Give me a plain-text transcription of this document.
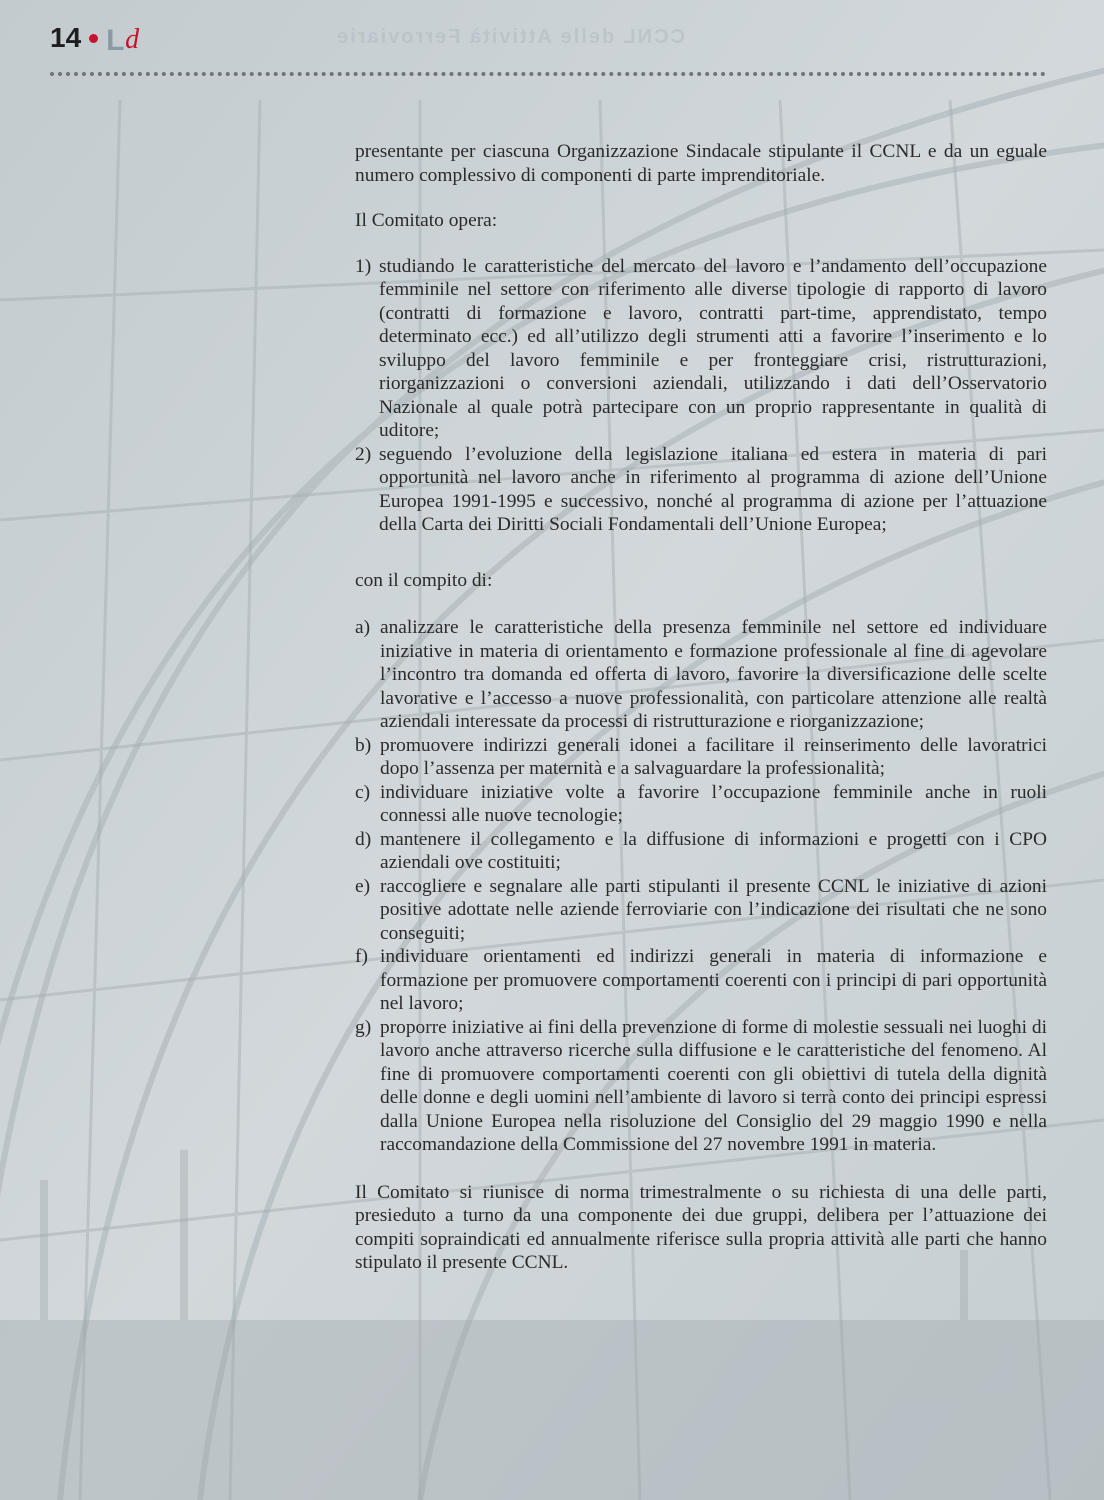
14 L d	CCNL delle Attività Ferroviarie

presentante per ciascuna Organizzazione Sindacale stipulante il CCNL e da un eguale numero complessivo di componenti di parte imprenditoriale.

Il Comitato opera:

1) studiando le caratteristiche del mercato del lavoro e l’andamento dell’occupazione femminile nel settore con riferimento alle diverse tipologie di rapporto di lavoro (contratti di formazione e lavoro, contratti part-time, apprendistato, tempo determinato ecc.) ed all’utilizzo degli strumenti atti a favorire l’inserimento e lo sviluppo del lavoro femminile e per fronteggiare crisi, ristrutturazioni, riorganizzazioni o conversioni aziendali, utilizzando i dati dell’Osservatorio Nazionale al quale potrà partecipare con un proprio rappresentante in qualità di uditore;
2) seguendo l’evoluzione della legislazione italiana ed estera in materia di pari opportunità nel lavoro anche in riferimento al programma di azione dell’Unione Europea 1991-1995 e successivo, nonché al programma di azione per l’attuazione della Carta dei Diritti Sociali Fondamentali dell’Unione Europea;

con il compito di:

a) analizzare le caratteristiche della presenza femminile nel settore ed individuare iniziative in materia di orientamento e formazione professionale al fine di agevolare l’incontro tra domanda ed offerta di lavoro, favorire la diversificazione delle scelte lavorative e l’accesso a nuove professionalità, con particolare attenzione alle realtà aziendali interessate da processi di ristrutturazione e riorganizzazione;
b) promuovere indirizzi generali idonei a facilitare il reinserimento delle lavoratrici dopo l’assenza per maternità e a salvaguardare la professionalità;
c) individuare iniziative volte a favorire l’occupazione femminile anche in ruoli connessi alle nuove tecnologie;
d) mantenere il collegamento e la diffusione di informazioni e progetti con i CPO aziendali ove costituiti;
e) raccogliere e segnalare alle parti stipulanti il presente CCNL le iniziative di azioni positive adottate nelle aziende ferroviarie con l’indicazione dei risultati che ne sono conseguiti;
f) individuare orientamenti ed indirizzi generali in materia di informazione e formazione per promuovere comportamenti coerenti con i principi di pari opportunità nel lavoro;
g) proporre iniziative ai fini della prevenzione di forme di molestie sessuali nei luoghi di lavoro anche attraverso ricerche sulla diffusione e le caratteristiche del fenomeno. Al fine di promuovere comportamenti coerenti con gli obiettivi di tutela della dignità delle donne e degli uomini nell’ambiente di lavoro si terrà conto dei principi espressi dalla Unione Europea nella risoluzione del Consiglio del 29 maggio 1990 e nella raccomandazione della Commissione del 27 novembre 1991 in materia.

Il Comitato si riunisce di norma trimestralmente o su richiesta di una delle parti, presieduto a turno da una componente dei due gruppi, delibera per l’attuazione dei compiti sopraindicati ed annualmente riferisce sulla propria attività alle parti che hanno stipulato il presente CCNL.
